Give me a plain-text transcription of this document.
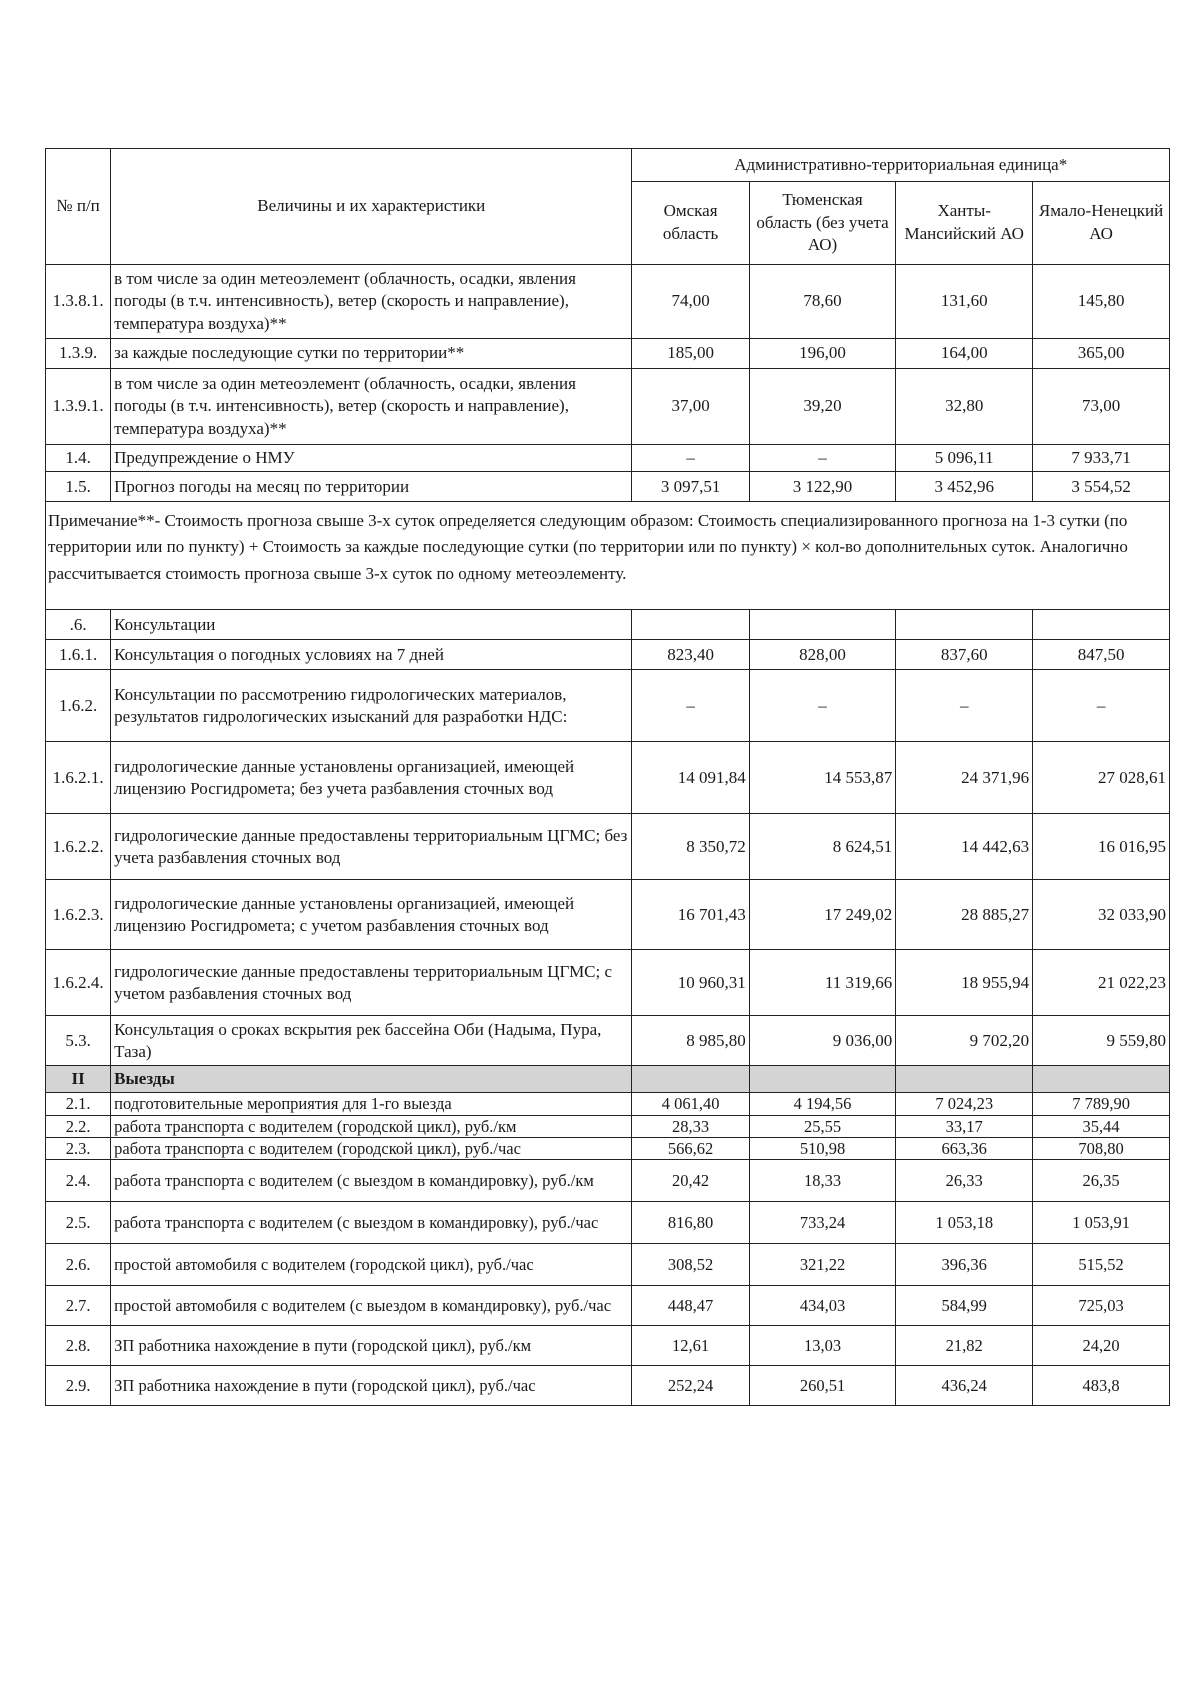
№ п/п	Величины и их характеристики	Административно-территориальная единица*			
		Омская область	Тюменская область (без учета АО)	Ханты-Мансийский АО	Ямало-Ненецкий АО
1.3.8.1.	в том числе за один метеоэлемент (облачность, осадки, явления погоды (в т.ч. интенсивность), ветер (скорость и направление), температура воздуха)**	74,00	78,60	131,60	145,80
1.3.9.	за каждые последующие сутки по территории**	185,00	196,00	164,00	365,00
1.3.9.1.	в том числе за один метеоэлемент (облачность, осадки, явления погоды (в т.ч. интенсивность), ветер (скорость и направление), температура воздуха)**	37,00	39,20	32,80	73,00
1.4.	Предупреждение о НМУ	–	–	5 096,11	7 933,71
1.5.	Прогноз погоды на месяц по территории	3 097,51	3 122,90	3 452,96	3 554,52
Примечание**- Стоимость прогноза свыше 3-х суток определяется следующим образом: Стоимость специализированного прогноза на 1-3 сутки (по территории или по пункту) + Стоимость за каждые последующие сутки (по территории или по пункту) × кол-во дополнительных суток. Аналогично рассчитывается стоимость прогноза свыше 3-х суток по одному метеоэлементу.					
.6.	Консультации				
1.6.1.	Консультация о погодных условиях на 7 дней	823,40	828,00	837,60	847,50
1.6.2.	Консультации по рассмотрению гидрологических материалов, результатов гидрологических изысканий для разработки НДС:	–	–	–	–
1.6.2.1.	гидрологические данные установлены организацией, имеющей лицензию Росгидромета; без учета разбавления сточных вод	14 091,84	14 553,87	24 371,96	27 028,61
1.6.2.2.	гидрологические данные предоставлены территориальным ЦГМС; без учета разбавления сточных вод	8 350,72	8 624,51	14 442,63	16 016,95
1.6.2.3.	гидрологические данные установлены организацией, имеющей лицензию Росгидромета; с учетом разбавления сточных вод	16 701,43	17 249,02	28 885,27	32 033,90
1.6.2.4.	гидрологические данные предоставлены территориальным ЦГМС; с учетом разбавления сточных вод	10 960,31	11 319,66	18 955,94	21 022,23
5.3.	Консультация о сроках вскрытия рек бассейна Оби (Надыма, Пура, Таза)	8 985,80	9 036,00	9 702,20	9 559,80
II	Выезды				
2.1.	подготовительные мероприятия для 1-го выезда	4 061,40	4 194,56	7 024,23	7 789,90
2.2.	работа транспорта с водителем (городской цикл), руб./км	28,33	25,55	33,17	35,44
2.3.	работа транспорта с водителем (городской цикл), руб./час	566,62	510,98	663,36	708,80
2.4.	работа транспорта с водителем (с выездом в командировку), руб./км	20,42	18,33	26,33	26,35
2.5.	работа транспорта с водителем (с выездом в командировку), руб./час	816,80	733,24	1 053,18	1 053,91
2.6.	простой автомобиля с водителем (городской цикл), руб./час	308,52	321,22	396,36	515,52
2.7.	простой автомобиля с водителем (с выездом в командировку), руб./час	448,47	434,03	584,99	725,03
2.8.	ЗП работника нахождение в пути (городской цикл), руб./км	12,61	13,03	21,82	24,20
2.9.	ЗП работника нахождение в пути (городской цикл), руб./час	252,24	260,51	436,24	483,8
